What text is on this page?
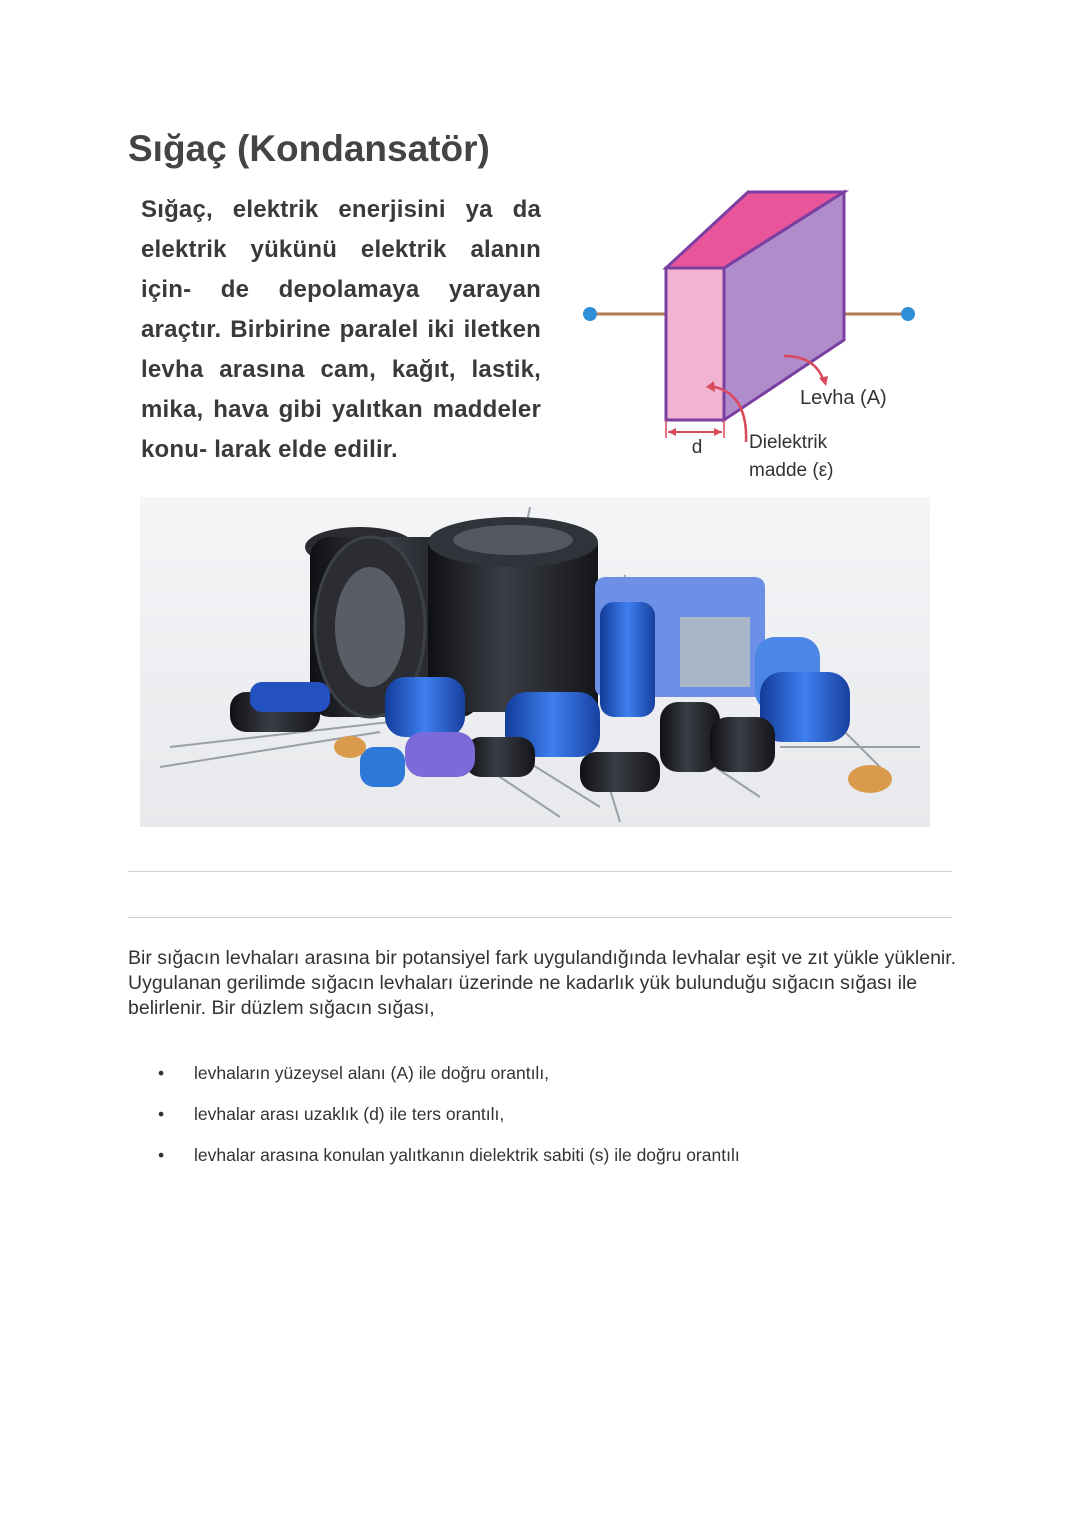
Sığaç (Kondansatör)

Sığaç, elektrik enerjisini ya da elektrik yükünü elektrik alanın için- de depolamaya yarayan araçtır. Birbirine paralel iki iletken levha arasına cam, kağıt, lastik, mika, hava gibi yalıtkan maddeler konu- larak elde edilir.	d
Levha (A)
Dielektrik
madde (ε)

Bir sığacın levhaları arasına bir potansiyel fark uygulandığında levhalar eşit ve zıt yükle yüklenir. Uygulanan gerilimde sığacın levhaları üzerinde ne kadarlık yük bulunduğu sığacın sığası ile belirlenir. Bir düzlem sığacın sığası,

• levhaların yüzeysel alanı (A) ile doğru orantılı,
• levhalar arası uzaklık (d) ile ters orantılı,
• levhalar arasına konulan yalıtkanın dielektrik sabiti (s) ile doğru orantılı
